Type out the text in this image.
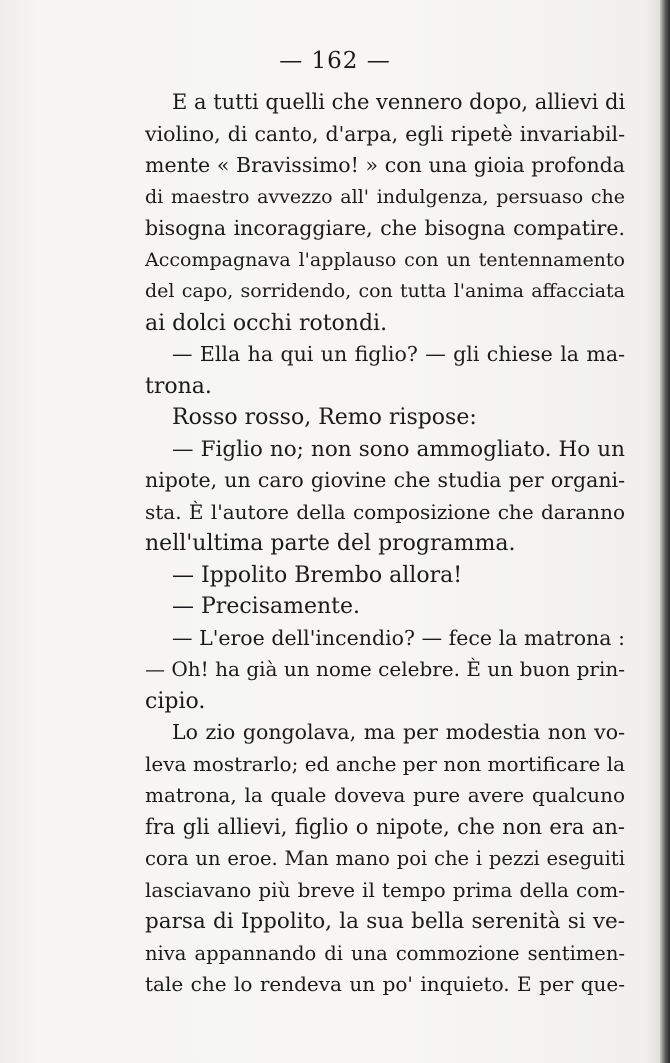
— 162 —
E a tutti quelli che vennero dopo, allievi di
violino, di canto, d'arpa, egli ripetè invariabil-
mente « Bravissimo! » con una gioia profonda
di maestro avvezzo all' indulgenza, persuaso che
bisogna incoraggiare, che bisogna compatire.
Accompagnava l'applauso con un tentennamento
del capo, sorridendo, con tutta l'anima affacciata
ai dolci occhi rotondi.
— Ella ha qui un figlio? — gli chiese la ma-
trona.
Rosso rosso, Remo rispose:
— Figlio no; non sono ammogliato. Ho un
nipote, un caro giovine che studia per organi-
sta. È l'autore della composizione che daranno
nell'ultima parte del programma.
— Ippolito Brembo allora!
— Precisamente.
— L'eroe dell'incendio? — fece la matrona :
— Oh! ha già un nome celebre. È un buon prin-
cipio.
Lo zio gongolava, ma per modestia non vo-
leva mostrarlo; ed anche per non mortificare la
matrona, la quale doveva pure avere qualcuno
fra gli allievi, figlio o nipote, che non era an-
cora un eroe. Man mano poi che i pezzi eseguiti
lasciavano più breve il tempo prima della com-
parsa di Ippolito, la sua bella serenità si ve-
niva appannando di una commozione sentimen-
tale che lo rendeva un po' inquieto. E per que-
